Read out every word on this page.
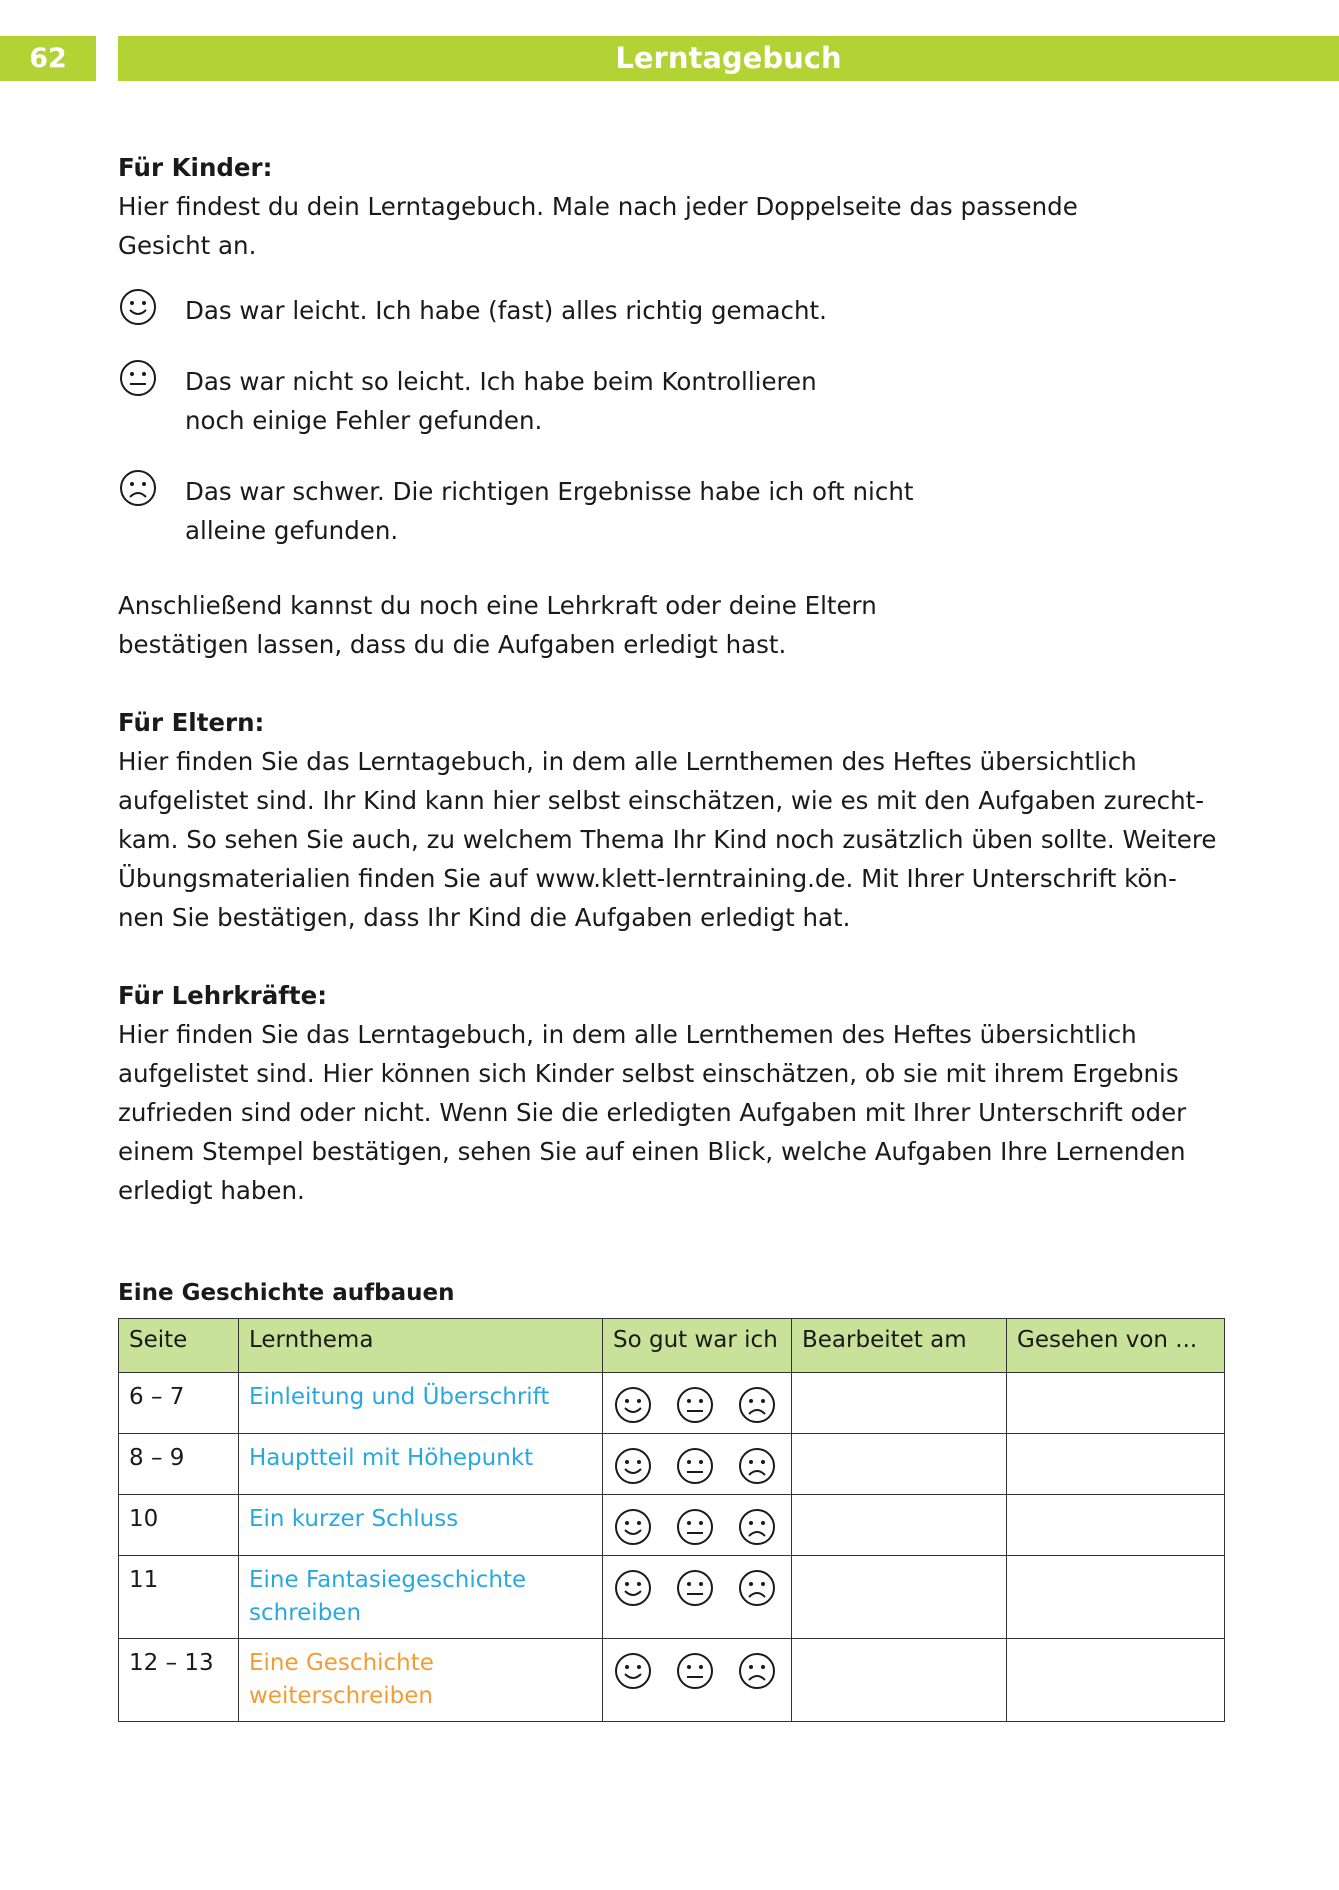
62	Lerntagebuch

Für Kinder:

Hier findest du dein Lerntagebuch. Male nach jeder Doppelseite das passende

Gesicht an.

Das war leicht. Ich habe (fast) alles richtig gemacht.
Das war nicht so leicht. Ich habe beim Kontrollieren
noch einige Fehler gefunden.
Das war schwer. Die richtigen Ergebnisse habe ich oft nicht
alleine gefunden.

Anschließend kannst du noch eine Lehrkraft oder deine Eltern

bestätigen lassen, dass du die Aufgaben erledigt hast.

Für Eltern:

Hier finden Sie das Lerntagebuch, in dem alle Lernthemen des Heftes übersichtlich

aufgelistet sind. Ihr Kind kann hier selbst einschätzen, wie es mit den Aufgaben zurecht-

kam. So sehen Sie auch, zu welchem Thema Ihr Kind noch zusätzlich üben sollte. Weitere

Übungsmaterialien finden Sie auf www.klett-lerntraining.de. Mit Ihrer Unterschrift kön-

nen Sie bestätigen, dass Ihr Kind die Aufgaben erledigt hat.

Für Lehrkräfte:

Hier finden Sie das Lerntagebuch, in dem alle Lernthemen des Heftes übersichtlich

aufgelistet sind. Hier können sich Kinder selbst einschätzen, ob sie mit ihrem Ergebnis

zufrieden sind oder nicht. Wenn Sie die erledigten Aufgaben mit Ihrer Unterschrift oder

einem Stempel bestätigen, sehen Sie auf einen Blick, welche Aufgaben Ihre Lernenden

erledigt haben.

Eine Geschichte aufbauen
Seite	Lernthema	So gut war ich	Bearbeitet am	Gesehen von ...
6 – 7	Einleitung und Überschrift

8 – 9	Hauptteil mit Höhepunkt

10	Ein kurzer Schluss

11	Eine Fantasiegeschichte
schreiben

12 – 13	Eine Geschichte
weiterschreiben
